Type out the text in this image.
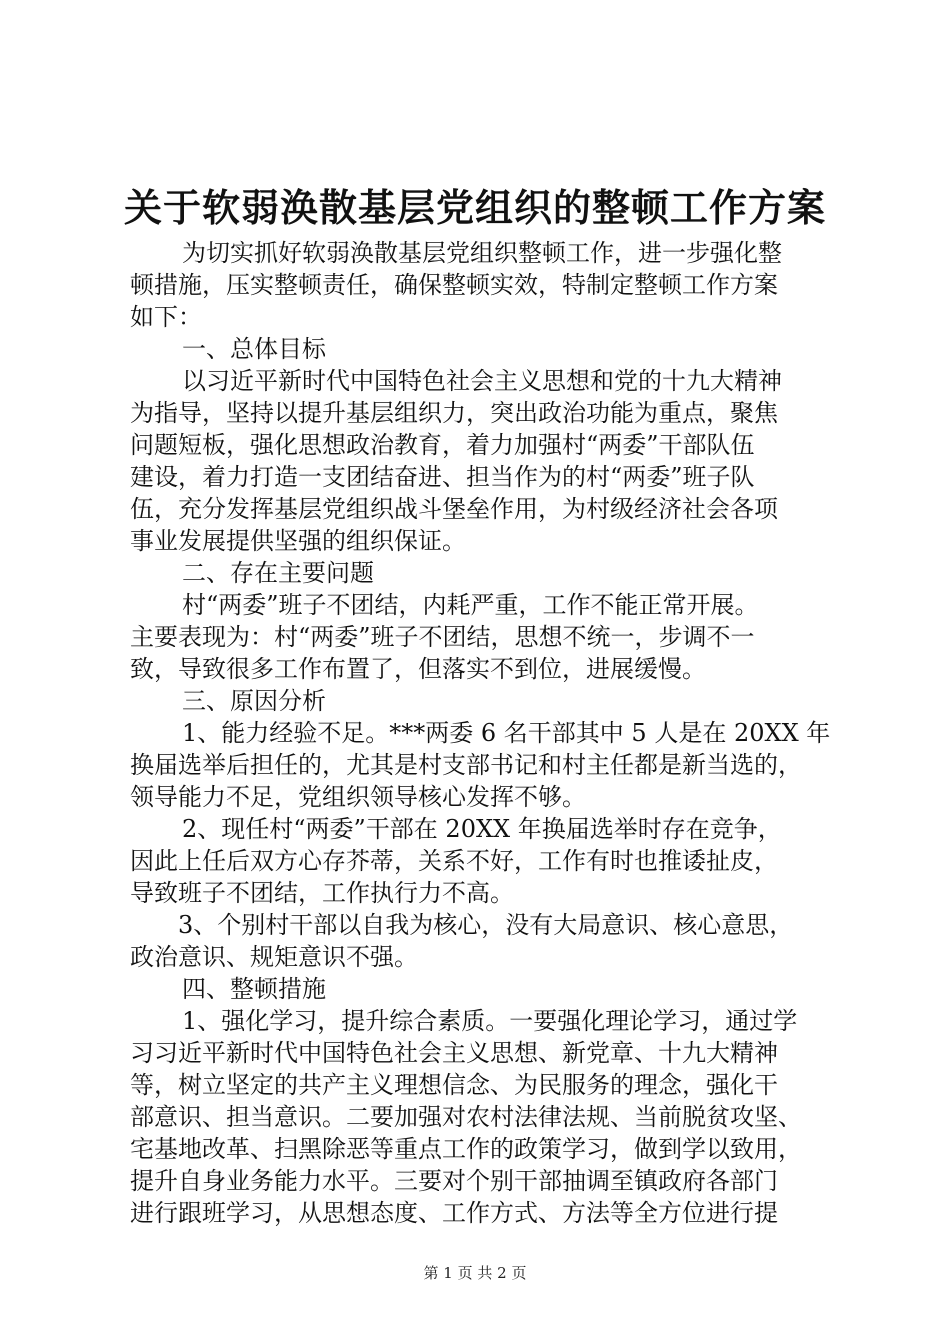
关于软弱涣散基层党组织的整顿工作方案
为切实抓好软弱涣散基层党组织整顿工作，进一步强化整
顿措施，压实整顿责任，确保整顿实效，特制定整顿工作方案
如下：
一、总体目标
以习近平新时代中国特色社会主义思想和党的十九大精神
为指导，坚持以提升基层组织力，突出政治功能为重点，聚焦
问题短板，强化思想政治教育，着力加强村“两委”干部队伍
建设，着力打造一支团结奋进、担当作为的村“两委”班子队
伍，充分发挥基层党组织战斗堡垒作用，为村级经济社会各项
事业发展提供坚强的组织保证。
二、存在主要问题
村“两委”班子不团结，内耗严重，工作不能正常开展。
主要表现为：村“两委”班子不团结，思想不统一，步调不一
致，导致很多工作布置了，但落实不到位，进展缓慢。
三、原因分析
1、能力经验不足。***两委 6 名干部其中 5 人是在 20XX 年
换届选举后担任的，尤其是村支部书记和村主任都是新当选的，
领导能力不足，党组织领导核心发挥不够。
2、现任村“两委”干部在 20XX 年换届选举时存在竞争，
因此上任后双方心存芥蒂，关系不好，工作有时也推诿扯皮，
导致班子不团结，工作执行力不高。
3、个别村干部以自我为核心，没有大局意识、核心意思，
政治意识、规矩意识不强。
四、整顿措施
1、强化学习，提升综合素质。一要强化理论学习，通过学
习习近平新时代中国特色社会主义思想、新党章、十九大精神
等，树立坚定的共产主义理想信念、为民服务的理念，强化干
部意识、担当意识。二要加强对农村法律法规、当前脱贫攻坚、
宅基地改革、扫黑除恶等重点工作的政策学习，做到学以致用，
提升自身业务能力水平。三要对个别干部抽调至镇政府各部门
进行跟班学习，从思想态度、工作方式、方法等全方位进行提
第 1 页 共 2 页
